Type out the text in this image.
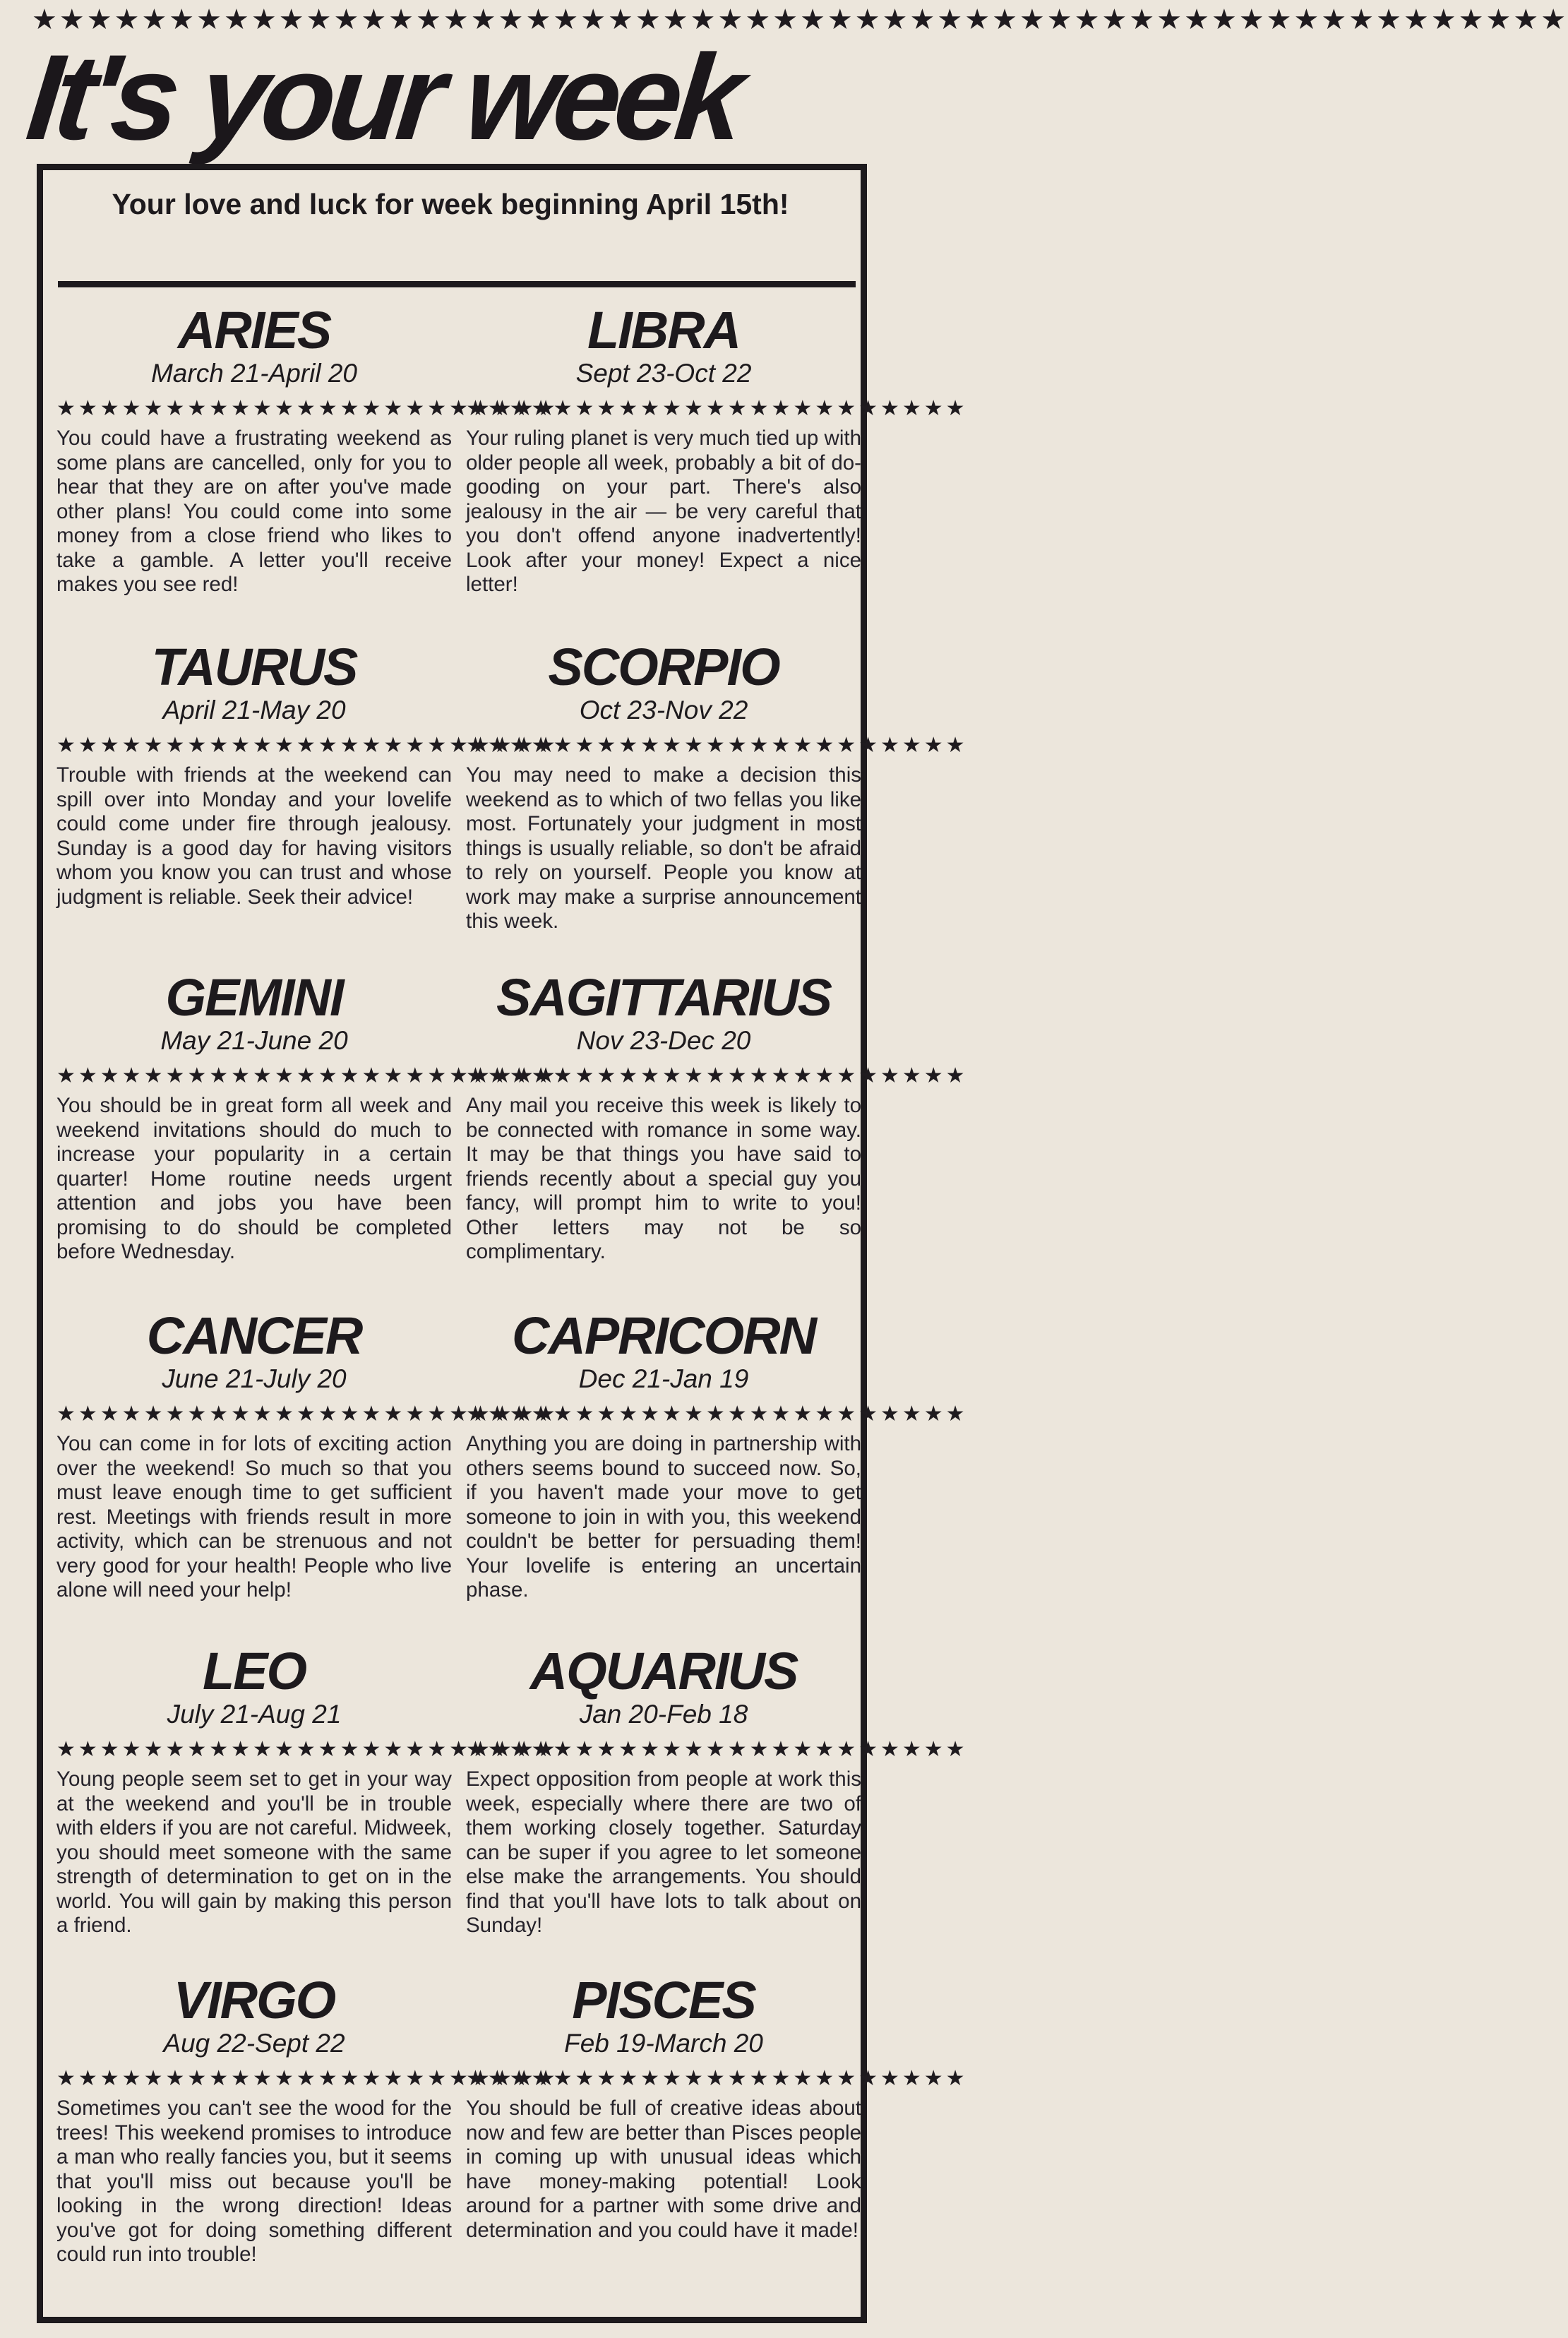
★★★★★★★★★★★★★★★★★★★★★★★★★★★★★★★★★★★★★★★★★★★★★★★★★★★★★★★★
It's your week
Your love and luck for week beginning April 15th!
ARIES
March 21-April 20
★★★★★★★★★★★★★★★★★★★★★★★
You could have a frustrating weekend as some plans are cancelled, only for you to hear that they are on after you've made other plans! You could come into some money from a close friend who likes to take a gamble. A letter you'll receive makes you see red!
LIBRA
Sept 23-Oct 22
★★★★★★★★★★★★★★★★★★★★★★★
Your ruling planet is very much tied up with older people all week, probably a bit of do-gooding on your part. There's also jealousy in the air — be very careful that you don't offend anyone inadvertently! Look after your money! Expect a nice letter!
TAURUS
April 21-May 20
★★★★★★★★★★★★★★★★★★★★★★★
Trouble with friends at the weekend can spill over into Monday and your lovelife could come under fire through jealousy. Sunday is a good day for having visitors whom you know you can trust and whose judgment is reliable. Seek their advice!
SCORPIO
Oct 23-Nov 22
★★★★★★★★★★★★★★★★★★★★★★★
You may need to make a decision this weekend as to which of two fellas you like most. Fortunately your judgment in most things is usually reliable, so don't be afraid to rely on yourself. People you know at work may make a surprise announcement this week.
GEMINI
May 21-June 20
★★★★★★★★★★★★★★★★★★★★★★★
You should be in great form all week and weekend invitations should do much to increase your popularity in a certain quarter! Home routine needs urgent attention and jobs you have been promising to do should be completed before Wednesday.
SAGITTARIUS
Nov 23-Dec 20
★★★★★★★★★★★★★★★★★★★★★★★
Any mail you receive this week is likely to be connected with romance in some way. It may be that things you have said to friends recently about a special guy you fancy, will prompt him to write to you! Other letters may not be so complimentary.
CANCER
June 21-July 20
★★★★★★★★★★★★★★★★★★★★★★★
You can come in for lots of exciting action over the weekend! So much so that you must leave enough time to get sufficient rest. Meetings with friends result in more activity, which can be strenuous and not very good for your health! People who live alone will need your help!
CAPRICORN
Dec 21-Jan 19
★★★★★★★★★★★★★★★★★★★★★★★
Anything you are doing in partnership with others seems bound to succeed now. So, if you haven't made your move to get someone to join in with you, this weekend couldn't be better for persuading them! Your lovelife is entering an uncertain phase.
LEO
July 21-Aug 21
★★★★★★★★★★★★★★★★★★★★★★★
Young people seem set to get in your way at the weekend and you'll be in trouble with elders if you are not careful. Midweek, you should meet someone with the same strength of determination to get on in the world. You will gain by making this person a friend.
AQUARIUS
Jan 20-Feb 18
★★★★★★★★★★★★★★★★★★★★★★★
Expect opposition from people at work this week, especially where there are two of them working closely together. Saturday can be super if you agree to let someone else make the arrangements. You should find that you'll have lots to talk about on Sunday!
VIRGO
Aug 22-Sept 22
★★★★★★★★★★★★★★★★★★★★★★★
Sometimes you can't see the wood for the trees! This weekend promises to introduce a man who really fancies you, but it seems that you'll miss out because you'll be looking in the wrong direction! Ideas you've got for doing something different could run into trouble!
PISCES
Feb 19-March 20
★★★★★★★★★★★★★★★★★★★★★★★
You should be full of creative ideas about now and few are better than Pisces people in coming up with unusual ideas which have money-making potential! Look around for a partner with some drive and determination and you could have it made!
